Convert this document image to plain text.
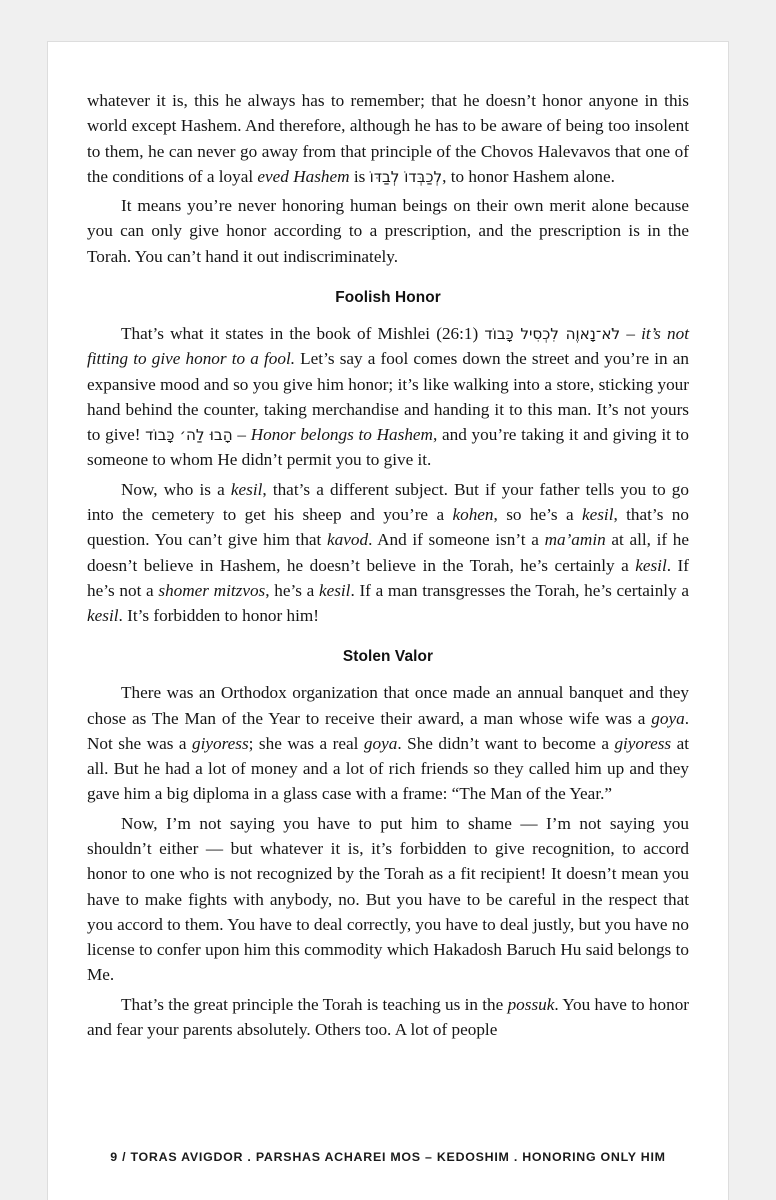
whatever it is, this he always has to remember; that he doesn’t honor anyone in this world except Hashem. And therefore, although he has to be aware of being too insolent to them, he can never go away from that principle of the Chovos Halevavos that one of the conditions of a loyal eved Hashem is לְכַבְּדוֹ לְבַדּוֹ, to honor Hashem alone.

It means you’re never honoring human beings on their own merit alone because you can only give honor according to a prescription, and the prescription is in the Torah. You can’t hand it out indiscriminately.

Foolish Honor

That’s what it states in the book of Mishlei (26:1) לֹא־נָאוֶה לִכְסִיל כָּבוֹד – it’s not fitting to give honor to a fool. Let’s say a fool comes down the street and you’re in an expansive mood and so you give him honor; it’s like walking into a store, sticking your hand behind the counter, taking merchandise and handing it to this man. It’s not yours to give! הָבוּ לַה׳ כָּבוֹד – Honor belongs to Hashem, and you’re taking it and giving it to someone to whom He didn’t permit you to give it.

Now, who is a kesil, that’s a different subject. But if your father tells you to go into the cemetery to get his sheep and you’re a kohen, so he’s a kesil, that’s no question. You can’t give him that kavod. And if someone isn’t a ma’amin at all, if he doesn’t believe in Hashem, he doesn’t believe in the Torah, he’s certainly a kesil. If he’s not a shomer mitzvos, he’s a kesil. If a man transgresses the Torah, he’s certainly a kesil. It’s forbidden to honor him!

Stolen Valor

There was an Orthodox organization that once made an annual banquet and they chose as The Man of the Year to receive their award, a man whose wife was a goya. Not she was a giyoress; she was a real goya. She didn’t want to become a giyoress at all. But he had a lot of money and a lot of rich friends so they called him up and they gave him a big diploma in a glass case with a frame: “The Man of the Year.”

Now, I’m not saying you have to put him to shame — I’m not saying you shouldn’t either — but whatever it is, it’s forbidden to give recognition, to accord honor to one who is not recognized by the Torah as a fit recipient! It doesn’t mean you have to make fights with anybody, no. But you have to be careful in the respect that you accord to them. You have to deal correctly, you have to deal justly, but you have no license to confer upon him this commodity which Hakadosh Baruch Hu said belongs to Me.

That’s the great principle the Torah is teaching us in the possuk. You have to honor and fear your parents absolutely. Others too. A lot of people

9 / TORAS AVIGDOR . PARSHAS ACHAREI MOS – KEDOSHIM . HONORING ONLY HIM
